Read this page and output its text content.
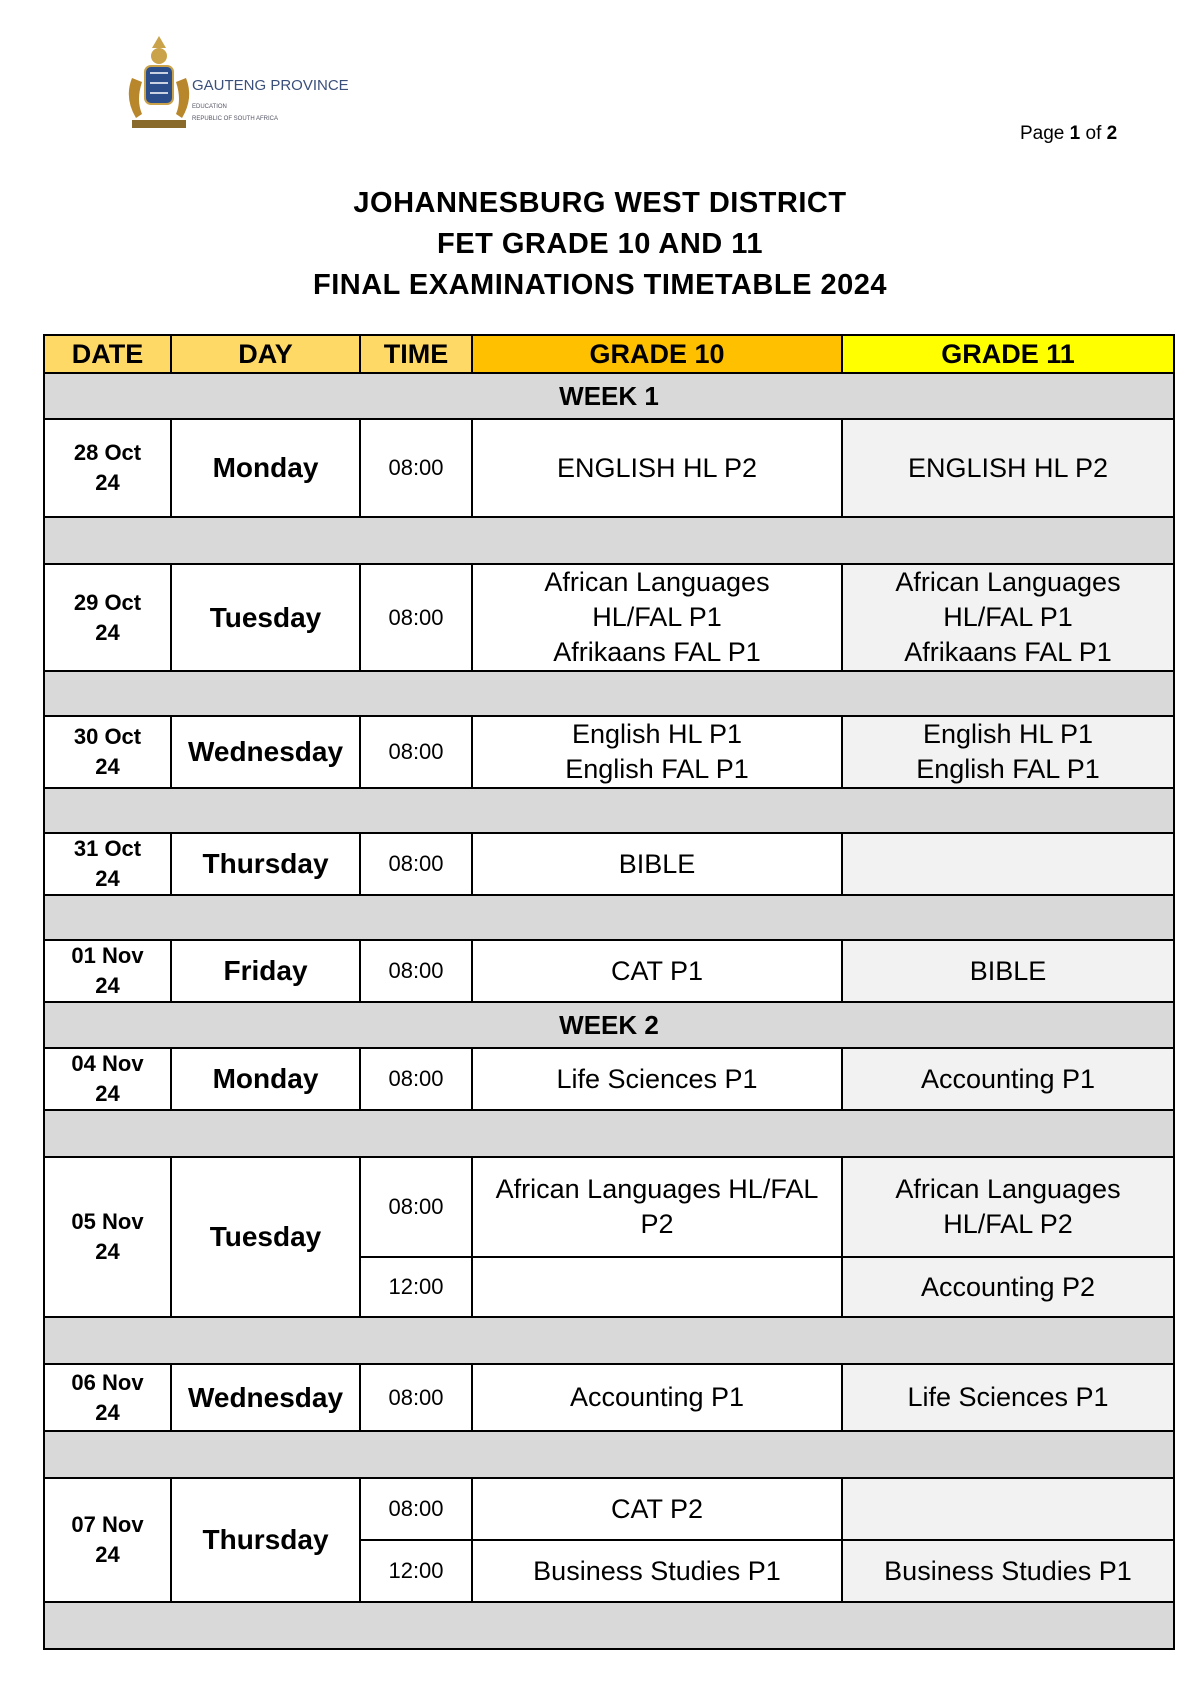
GAUTENG PROVINCE
EDUCATION
REPUBLIC OF SOUTH AFRICA
Page 1 of 2
JOHANNESBURG WEST DISTRICT
FET GRADE 10 AND 11
FINAL EXAMINATIONS TIMETABLE 2024
DATE	DAY	TIME	GRADE 10	GRADE 11
WEEK 1				

28 Oct
24	Monday	08:00	ENGLISH HL P2	ENGLISH HL P2

29 Oct
24	Tuesday	08:00	African Languages
HL/FAL P1
Afrikaans FAL P1	African Languages
HL/FAL P1
Afrikaans FAL P1

30 Oct
24	Wednesday	08:00	English HL P1
English FAL P1	English HL P1
English FAL P1

31 Oct
24	Thursday	08:00	BIBLE	

01 Nov
24	Friday	08:00	CAT P1	BIBLE

WEEK 2				

04 Nov
24	Monday	08:00	Life Sciences P1	Accounting P1

05 Nov
24	Tuesday	08:00	African Languages HL/FAL
P2	African Languages
HL/FAL P2

		12:00		Accounting P2

06 Nov
24	Wednesday	08:00	Accounting P1	Life Sciences P1

07 Nov
24	Thursday	08:00	CAT P2	

		12:00	Business Studies P1	Business Studies P1
